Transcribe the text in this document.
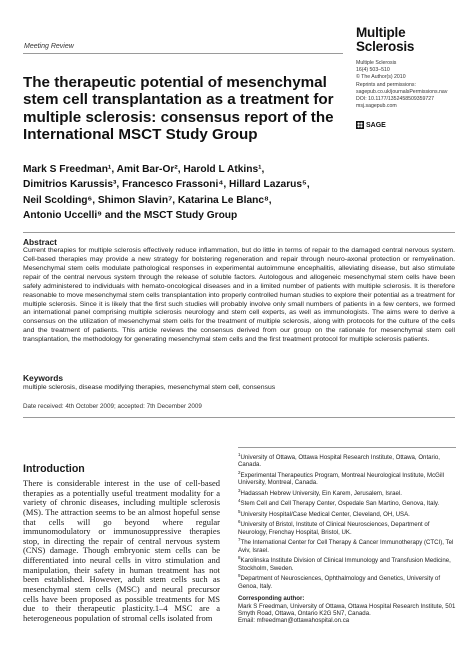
Meeting Review
Multiple
Sclerosis
Multiple Sclerosis
16(4) 503–510
© The Author(s) 2010
Reprints and permissions:
sagepub.co.uk/journalsPermissions.nav
DOI: 10.1177/1352458509359727
msj.sagepub.com
SAGE
The therapeutic potential of mesenchymal stem cell transplantation as a treatment for multiple sclerosis: consensus report of the International MSCT Study Group
Mark S Freedman¹, Amit Bar-Or², Harold L Atkins¹,
Dimitrios Karussis³, Francesco Frassoni⁴, Hillard Lazarus⁵,
Neil Scolding⁶, Shimon Slavin⁷, Katarina Le Blanc⁸,
Antonio Uccelli⁹ and the MSCT Study Group
Abstract
Current therapies for multiple sclerosis effectively reduce inflammation, but do little in terms of repair to the damaged central nervous system. Cell-based therapies may provide a new strategy for bolstering regeneration and repair through neuro-axonal protection or remyelination. Mesenchymal stem cells modulate pathological responses in experimental autoimmune encephalitis, alleviating disease, but also stimulate repair of the central nervous system through the release of soluble factors. Autologous and allogeneic mesenchymal stem cells have been safely administered to individuals with hemato-oncological diseases and in a limited number of patients with multiple sclerosis. It is therefore reasonable to move mesenchymal stem cells transplantation into properly controlled human studies to explore their potential as a treatment for multiple sclerosis. Since it is likely that the first such studies will probably involve only small numbers of patients in a few centers, we formed an international panel comprising multiple sclerosis neurology and stem cell experts, as well as immunologists. The aims were to derive a consensus on the utilization of mesenchymal stem cells for the treatment of multiple sclerosis, along with protocols for the culture of the cells and the treatment of patients. This article reviews the consensus derived from our group on the rationale for mesenchymal stem cell transplantation, the methodology for generating mesenchymal stem cells and the first treatment protocol for multiple sclerosis patients.
Keywords
multiple sclerosis, disease modifying therapies, mesenchymal stem cell, consensus
Date received: 4th October 2009; accepted: 7th December 2009
Introduction
There is considerable interest in the use of cell-based therapies as a potentially useful treatment modality for a variety of chronic diseases, including multiple sclerosis (MS). The attraction seems to be an almost hopeful sense that cells will go beyond where regular immunomodulatory or immunosuppressive therapies stop, in directing the repair of central nervous system (CNS) damage. Though embryonic stem cells can be differentiated into neural cells in vitro stimulation and manipulation, their safety in human treatment has not been established. However, adult stem cells such as mesenchymal stem cells (MSC) and neural precursor cells have been proposed as possible treatments for MS due to their therapeutic plasticity.1–4 MSC are a heterogeneous population of stromal cells isolated from
$^1$University of Ottawa, Ottawa Hospital Research Institute, Ottawa, Ontario, Canada.
$^2$Experimental Therapeutics Program, Montreal Neurological Institute, McGill University, Montreal, Canada.
$^3$Hadassah Hebrew University, Ein Karem, Jerusalem, Israel.
$^4$Stem Cell and Cell Therapy Center, Ospedale San Martino, Genova, Italy.
$^5$University Hospital/Case Medical Center, Cleveland, OH, USA.
$^6$University of Bristol, Institute of Clinical Neurosciences, Department of Neurology, Frenchay Hospital, Bristol, UK.
$^7$The International Center for Cell Therapy & Cancer Immunotherapy (CTCI), Tel Aviv, Israel.
$^8$Karolinska Institute Division of Clinical Immunology and Transfusion Medicine, Stockholm, Sweden.
$^9$Department of Neurosciences, Ophthalmology and Genetics, University of Genoa, Italy.
Corresponding author:
Mark S Freedman, University of Ottawa, Ottawa Hospital Research Institute, 501 Smyth Road, Ottawa, Ontario K2G 5N7, Canada.
Email: mfreedman@ottawahospital.on.ca
